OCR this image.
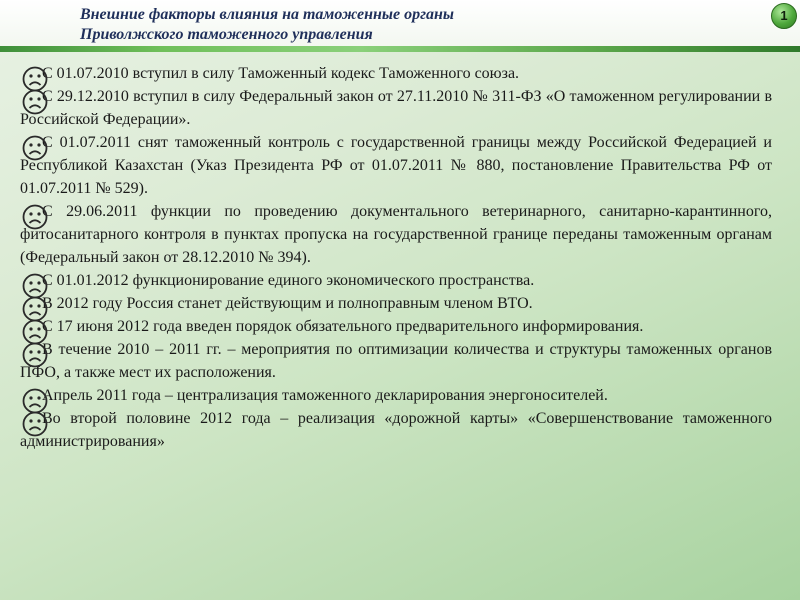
Внешние факторы влияния на таможенные органы
Приволжского таможенного управления
1
С 01.07.2010 вступил в силу Таможенный кодекс Таможенного союза.
С 29.12.2010 вступил в силу Федеральный закон от 27.11.2010 № 311-ФЗ «О таможенном регулировании в Российской Федерации».
С 01.07.2011 снят таможенный контроль с государственной границы между Российской Федерацией и Республикой Казахстан (Указ Президента РФ от 01.07.2011 № 880, постановление Правительства РФ от 01.07.2011 № 529).
С 29.06.2011 функции по проведению документального ветеринарного, санитарно-карантинного, фитосанитарного контроля в пунктах пропуска на государственной границе переданы таможенным органам (Федеральный закон от 28.12.2010 № 394).
С 01.01.2012 функционирование единого экономического пространства.
В 2012 году Россия станет действующим и полноправным членом ВТО.
С 17 июня 2012 года введен порядок обязательного предварительного информирования.
В течение 2010 – 2011 гг. – мероприятия по оптимизации количества и структуры таможенных органов ПФО, а также мест их расположения.
Апрель 2011 года – централизация таможенного декларирования энергоносителей.
Во второй половине 2012 года – реализация «дорожной карты» «Совершенствование таможенного администрирования»
